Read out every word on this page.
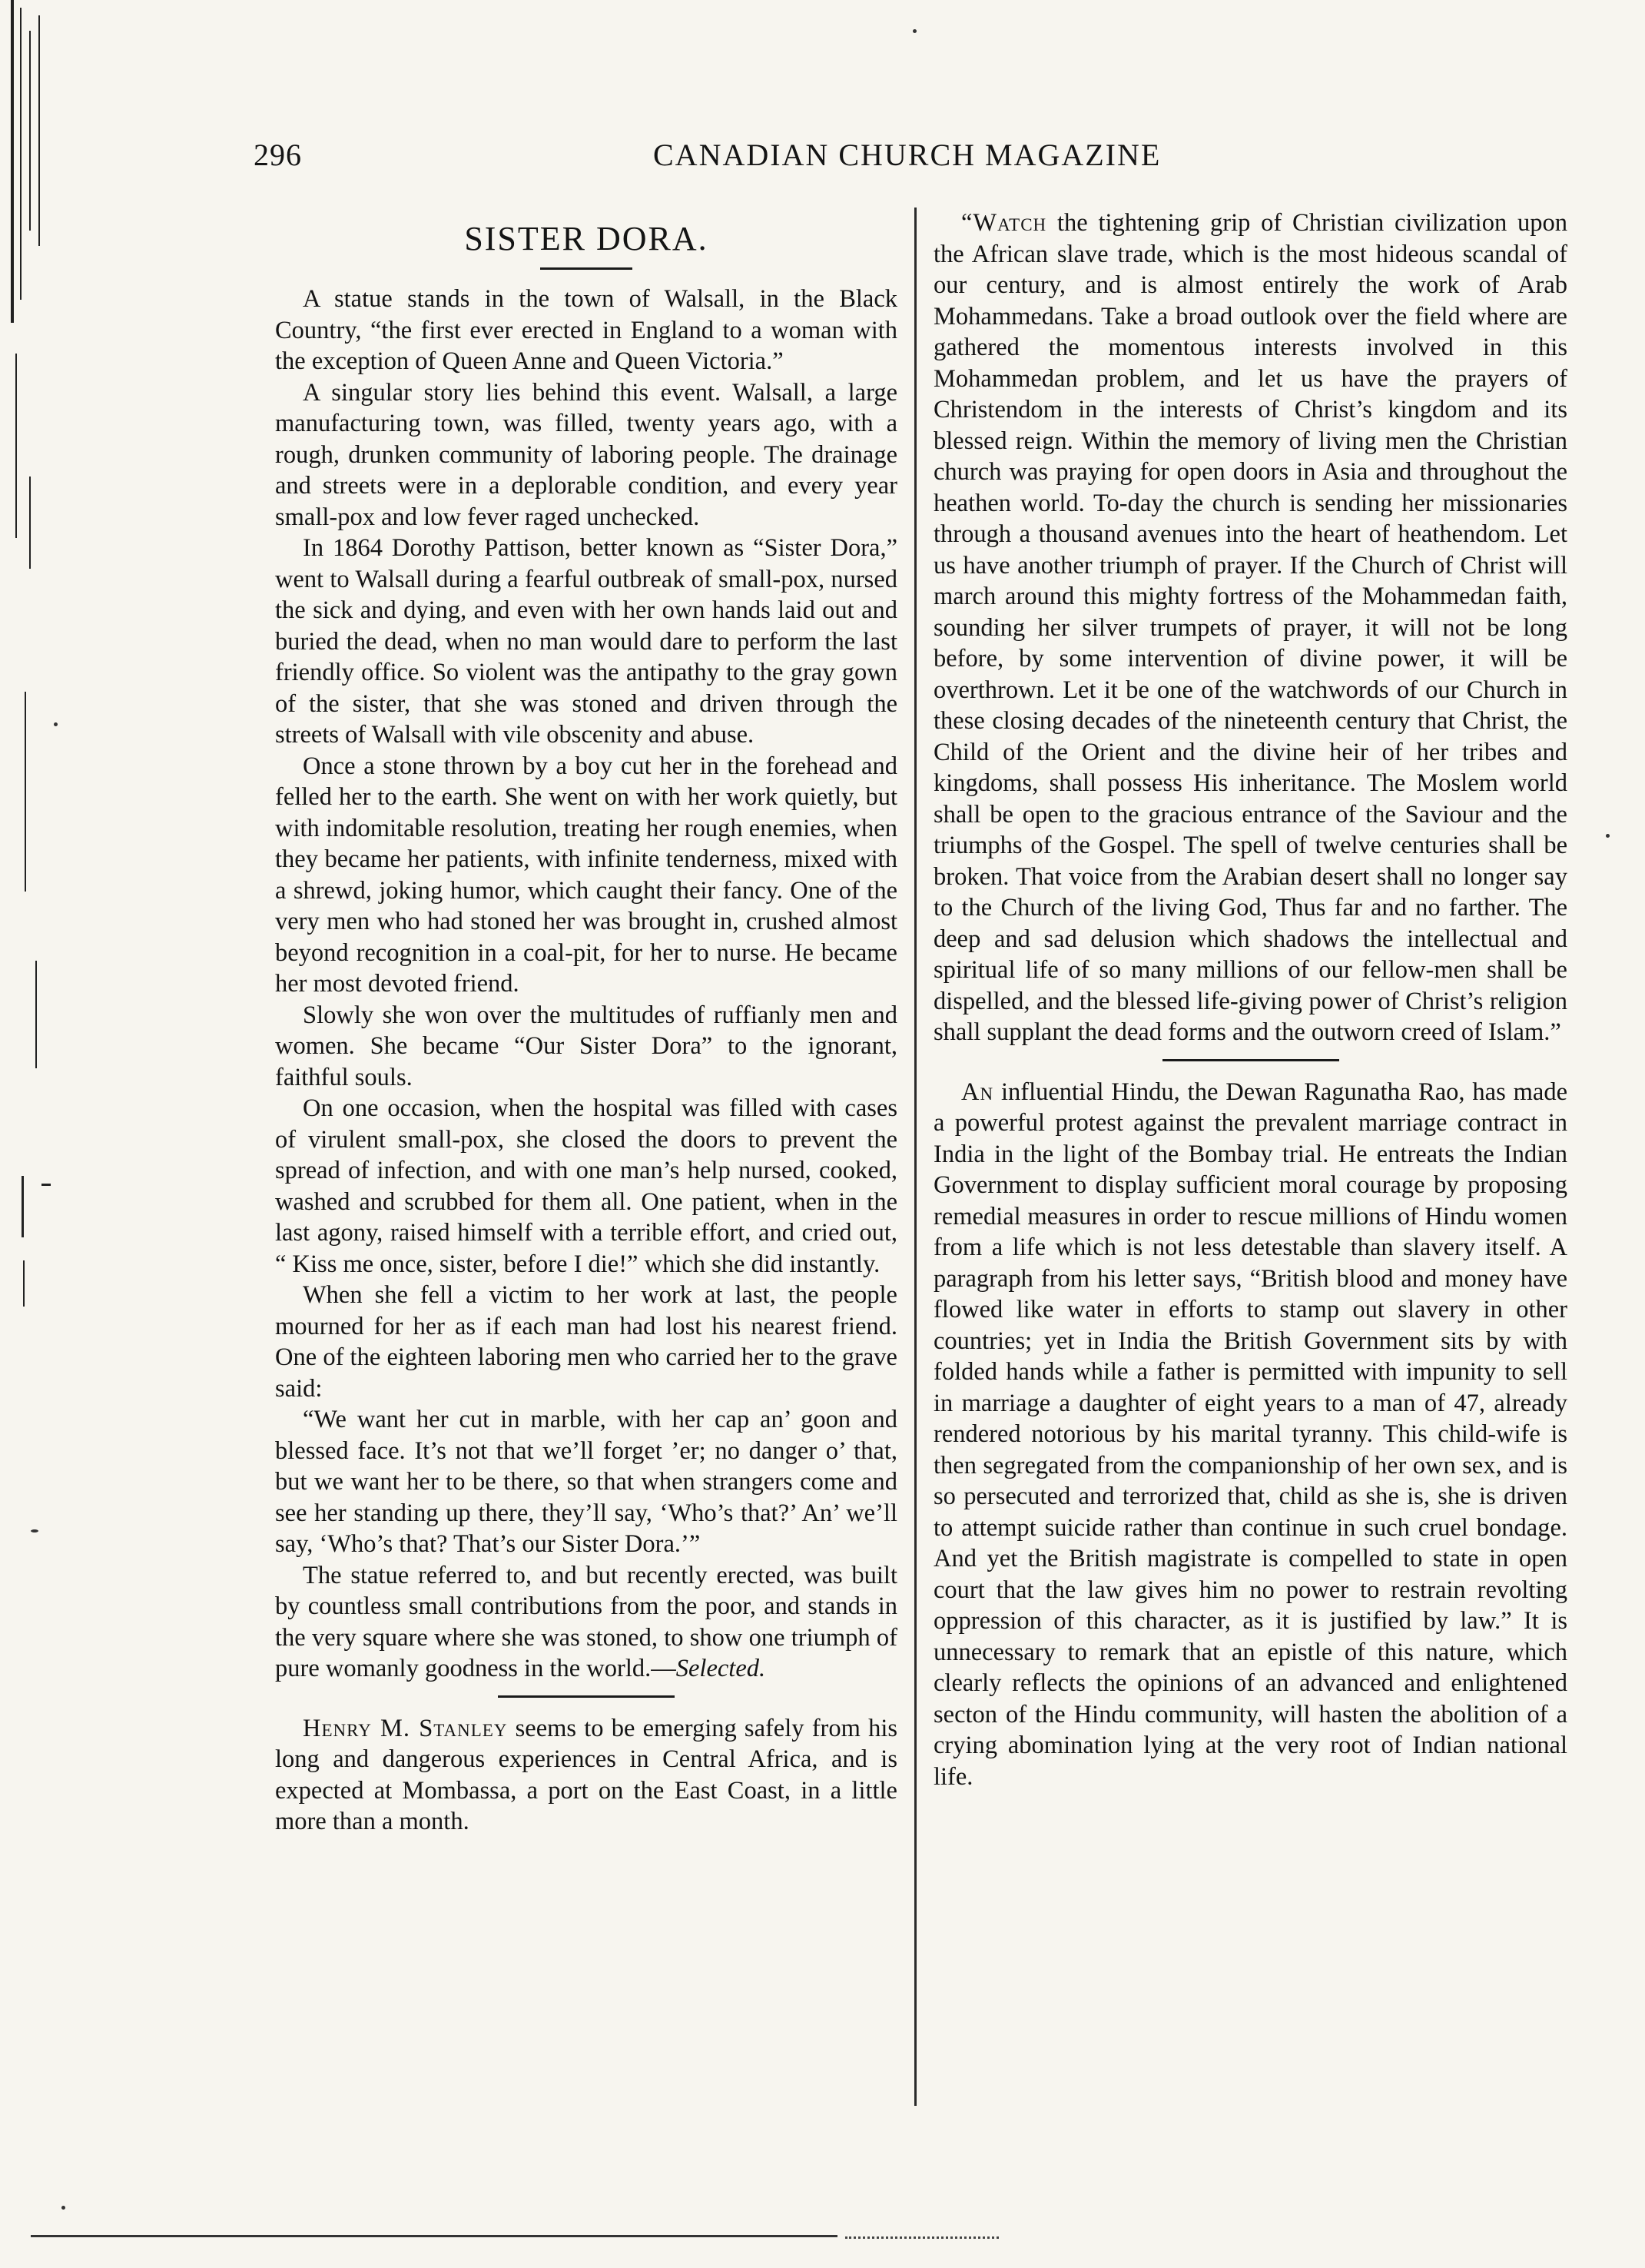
296	CANADIAN CHURCH MAGAZINE
SISTER DORA.

A statue stands in the town of Walsall, in the Black Country, “the first ever erected in England to a woman with the exception of Queen Anne and Queen Victoria.”

A singular story lies behind this event. Walsall, a large manufacturing town, was filled, twenty years ago, with a rough, drunken community of laboring people. The drainage and streets were in a deplorable condition, and every year small-pox and low fever raged unchecked.

In 1864 Dorothy Pattison, better known as “Sister Dora,” went to Walsall during a fearful outbreak of small-pox, nursed the sick and dying, and even with her own hands laid out and buried the dead, when no man would dare to perform the last friendly office. So violent was the antipathy to the gray gown of the sister, that she was stoned and driven through the streets of Walsall with vile obscenity and abuse.

Once a stone thrown by a boy cut her in the forehead and felled her to the earth. She went on with her work quietly, but with indomitable resolution, treating her rough enemies, when they became her patients, with infinite tenderness, mixed with a shrewd, joking humor, which caught their fancy. One of the very men who had stoned her was brought in, crushed almost beyond recognition in a coal-pit, for her to nurse. He became her most devoted friend.

Slowly she won over the multitudes of ruffianly men and women. She became “Our Sister Dora” to the ignorant, faithful souls.

On one occasion, when the hospital was filled with cases of virulent small-pox, she closed the doors to prevent the spread of infection, and with one man’s help nursed, cooked, washed and scrubbed for them all. One patient, when in the last agony, raised himself with a terrible effort, and cried out, “ Kiss me once, sister, before I die!” which she did instantly.

When she fell a victim to her work at last, the people mourned for her as if each man had lost his nearest friend. One of the eighteen laboring men who carried her to the grave said:

“We want her cut in marble, with her cap an’ goon and blessed face. It’s not that we’ll forget ’er; no danger o’ that, but we want her to be there, so that when strangers come and see her standing up there, they’ll say, ‘Who’s that?’ An’ we’ll say, ‘Who’s that? That’s our Sister Dora.’”

The statue referred to, and but recently erected, was built by countless small contributions from the poor, and stands in the very square where she was stoned, to show one triumph of pure womanly goodness in the world.—Selected.

Henry M. Stanley seems to be emerging safely from his long and dangerous experiences in Central Africa, and is expected at Mombassa, a port on the East Coast, in a little more than a month.

“Watch the tightening grip of Christian civilization upon the African slave trade, which is the most hideous scandal of our century, and is almost entirely the work of Arab Mohammedans. Take a broad outlook over the field where are gathered the momentous interests involved in this Mohammedan problem, and let us have the prayers of Christendom in the interests of Christ’s kingdom and its blessed reign. Within the memory of living men the Christian church was praying for open doors in Asia and throughout the heathen world. To-day the church is sending her missionaries through a thousand avenues into the heart of heathendom. Let us have another triumph of prayer. If the Church of Christ will march around this mighty fortress of the Mohammedan faith, sounding her silver trumpets of prayer, it will not be long before, by some intervention of divine power, it will be overthrown. Let it be one of the watchwords of our Church in these closing decades of the nineteenth century that Christ, the Child of the Orient and the divine heir of her tribes and kingdoms, shall possess His inheritance. The Moslem world shall be open to the gracious entrance of the Saviour and the triumphs of the Gospel. The spell of twelve centuries shall be broken. That voice from the Arabian desert shall no longer say to the Church of the living God, Thus far and no farther. The deep and sad delusion which shadows the intellectual and spiritual life of so many millions of our fellow-men shall be dispelled, and the blessed life-giving power of Christ’s religion shall supplant the dead forms and the outworn creed of Islam.”

An influential Hindu, the Dewan Ragunatha Rao, has made a powerful protest against the prevalent marriage contract in India in the light of the Bombay trial. He entreats the Indian Government to display sufficient moral courage by proposing remedial measures in order to rescue millions of Hindu women from a life which is not less detestable than slavery itself. A paragraph from his letter says, “British blood and money have flowed like water in efforts to stamp out slavery in other countries; yet in India the British Government sits by with folded hands while a father is permitted with impunity to sell in marriage a daughter of eight years to a man of 47, already rendered notorious by his marital tyranny. This child-wife is then segregated from the companionship of her own sex, and is so persecuted and terrorized that, child as she is, she is driven to attempt suicide rather than continue in such cruel bondage. And yet the British magistrate is compelled to state in open court that the law gives him no power to restrain revolting oppression of this character, as it is justified by law.” It is unnecessary to remark that an epistle of this nature, which clearly reflects the opinions of an advanced and enlightened secton of the Hindu community, will hasten the abolition of a crying abomination lying at the very root of Indian national life.
